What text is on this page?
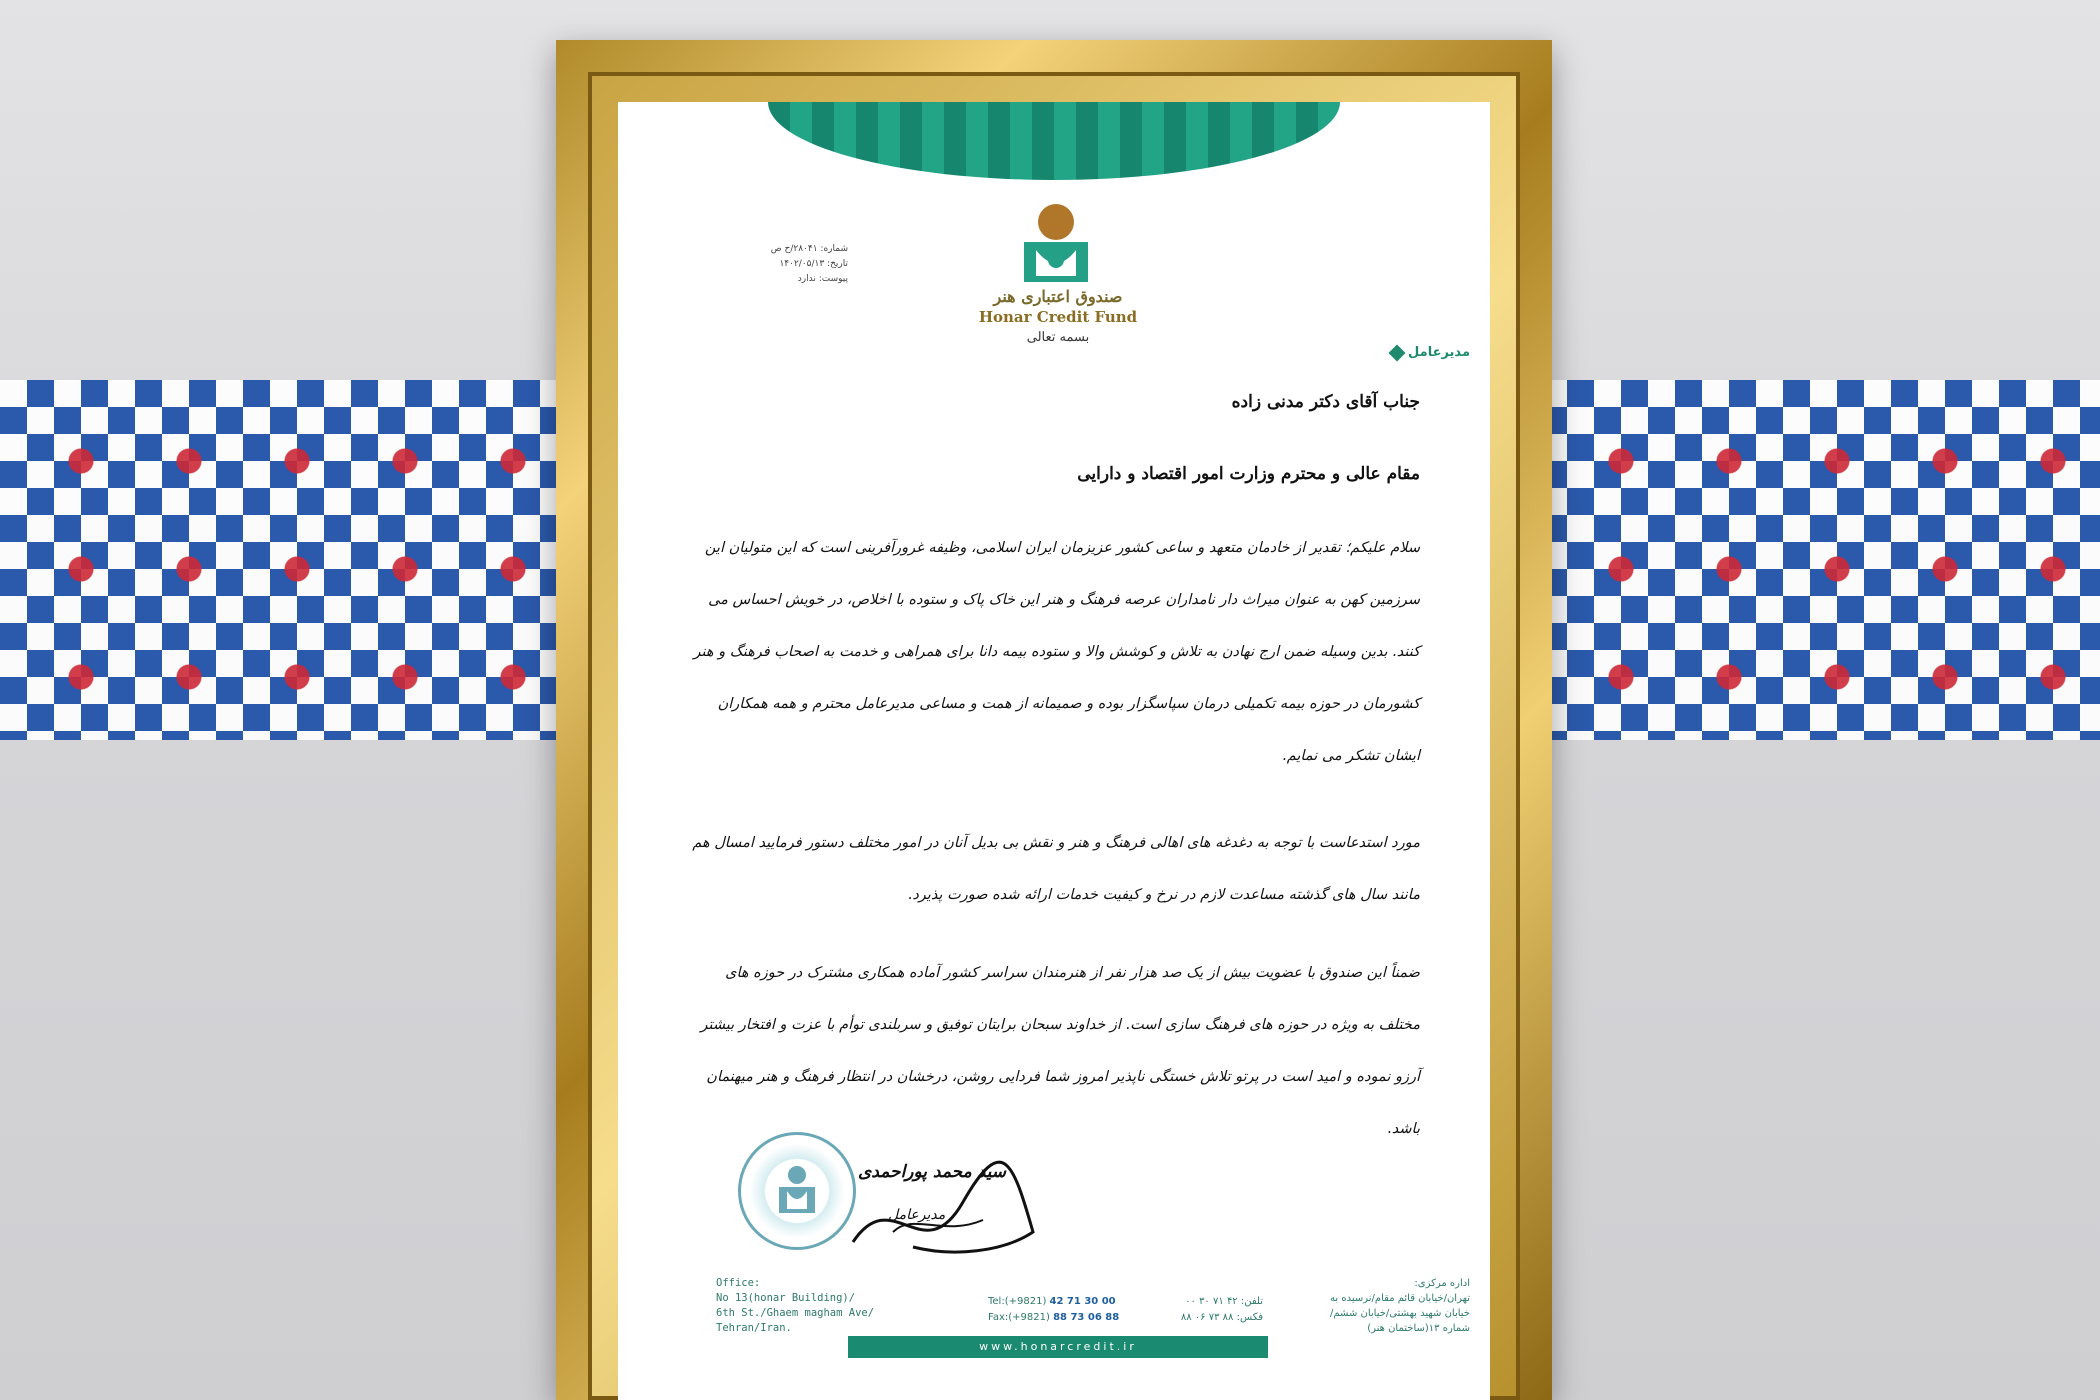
شماره: ۲۸۰۴۱/ح ص
تاریخ: ۱۴۰۲/۰۵/۱۳
پیوست: ندارد
صندوق اعتباری هنر
Honar Credit Fund
بسمه تعالی
مدیرعامل
جناب آقای دکتر مدنی زاده
مقام عالی و محترم وزارت امور اقتصاد و دارایی
سلام علیکم؛ تقدیر از خادمان متعهد و ساعی کشور عزیزمان ایران اسلامی، وظیفه غرورآفرینی است که این متولیان این سرزمین کهن به عنوان میراث دار نامداران عرصه فرهنگ و هنر این خاک پاک و ستوده با اخلاص، در خویش احساس می کنند. بدین وسیله ضمن ارج نهادن به تلاش و کوشش والا و ستوده بیمه دانا برای همراهی و خدمت به اصحاب فرهنگ و هنر کشورمان در حوزه بیمه تکمیلی درمان سپاسگزار بوده و صمیمانه از همت و مساعی مدیرعامل محترم و همه همکاران ایشان تشکر می نمایم.
مورد استدعاست با توجه به دغدغه های اهالی فرهنگ و هنر و نقش بی بدیل آنان در امور مختلف دستور فرمایید امسال هم مانند سال های گذشته مساعدت لازم در نرخ و کیفیت خدمات ارائه شده صورت پذیرد.
ضمناً این صندوق با عضویت بیش از یک صد هزار نفر از هنرمندان سراسر کشور آماده همکاری مشترک در حوزه های مختلف به ویژه در حوزه های فرهنگ سازی است. از خداوند سبحان برایتان توفیق و سربلندی توأم با عزت و افتخار بیشتر آرزو نموده و امید است در پرتو تلاش خستگی ناپذیر امروز شما فردایی روشن، درخشان در انتظار فرهنگ و هنر میهنمان باشد.
سید محمد پوراحمدی
مدیرعامل
Office:
No 13(honar Building)/
6th St./Ghaem magham Ave/
Tehran/Iran.
Tel:(+9821) 42 71 30 00
Fax:(+9821) 88 73 06 88
تلفن: ۴۲ ۷۱ ۳۰ ۰۰
فکس: ۸۸ ۷۳ ۰۶ ۸۸
اداره مرکزی:
تهران/خیابان قائم مقام/نرسیده به
خیابان شهید بهشتی/خیابان ششم/
شماره ۱۳(ساختمان هنر)
www.honarcredit.ir
